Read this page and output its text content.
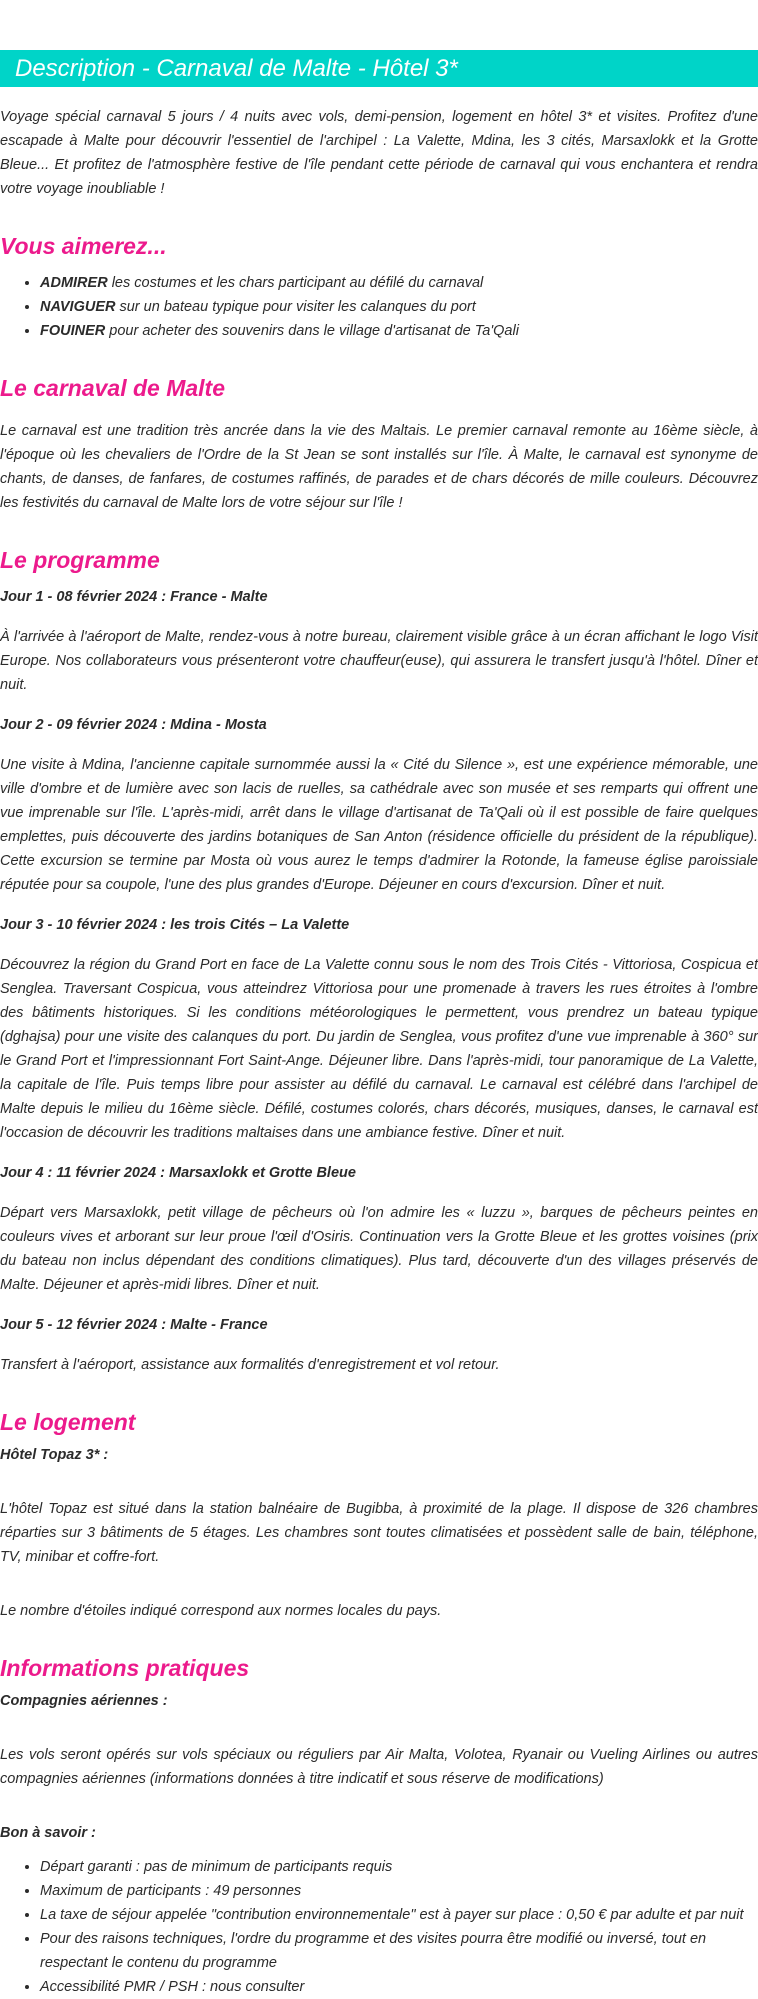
Description - Carnaval de Malte - Hôtel 3*

Voyage spécial carnaval 5 jours / 4 nuits avec vols, demi-pension, logement en hôtel 3* et visites. Profitez d'une escapade à Malte pour découvrir l'essentiel de l'archipel : La Valette, Mdina, les 3 cités, Marsaxlokk et la Grotte Bleue... Et profitez de l'atmosphère festive de l'île pendant cette période de carnaval qui vous enchantera et rendra votre voyage inoubliable !

Vous aimerez...
• ADMIRER les costumes et les chars participant au défilé du carnaval
• NAVIGUER sur un bateau typique pour visiter les calanques du port
• FOUINER pour acheter des souvenirs dans le village d'artisanat de Ta'Qali
Le carnaval de Malte

Le carnaval est une tradition très ancrée dans la vie des Maltais. Le premier carnaval remonte au 16ème siècle, à l'époque où les chevaliers de l'Ordre de la St Jean se sont installés sur l'île. À Malte, le carnaval est synonyme de chants, de danses, de fanfares, de costumes raffinés, de parades et de chars décorés de mille couleurs. Découvrez les festivités du carnaval de Malte lors de votre séjour sur l'île !

Le programme

Jour 1 - 08 février 2024 : France - Malte

À l'arrivée à l'aéroport de Malte, rendez-vous à notre bureau, clairement visible grâce à un écran affichant le logo Visit Europe. Nos collaborateurs vous présenteront votre chauffeur(euse), qui assurera le transfert jusqu'à l'hôtel. Dîner et nuit.

Jour 2 - 09 février 2024 : Mdina - Mosta

Une visite à Mdina, l'ancienne capitale surnommée aussi la « Cité du Silence », est une expérience mémorable, une ville d'ombre et de lumière avec son lacis de ruelles, sa cathédrale avec son musée et ses remparts qui offrent une vue imprenable sur l'île. L'après-midi, arrêt dans le village d'artisanat de Ta'Qali où il est possible de faire quelques emplettes, puis découverte des jardins botaniques de San Anton (résidence officielle du président de la république). Cette excursion se termine par Mosta où vous aurez le temps d'admirer la Rotonde, la fameuse église paroissiale réputée pour sa coupole, l'une des plus grandes d'Europe. Déjeuner en cours d'excursion. Dîner et nuit.

Jour 3 - 10 février 2024 : les trois Cités – La Valette

Découvrez la région du Grand Port en face de La Valette connu sous le nom des Trois Cités - Vittoriosa, Cospicua et Senglea. Traversant Cospicua, vous atteindrez Vittoriosa pour une promenade à travers les rues étroites à l'ombre des bâtiments historiques. Si les conditions météorologiques le permettent, vous prendrez un bateau typique (dghajsa) pour une visite des calanques du port. Du jardin de Senglea, vous profitez d'une vue imprenable à 360° sur le Grand Port et l'impressionnant Fort Saint-Ange. Déjeuner libre. Dans l'après-midi, tour panoramique de La Valette, la capitale de l'île. Puis temps libre pour assister au défilé du carnaval. Le carnaval est célébré dans l'archipel de Malte depuis le milieu du 16ème siècle. Défilé, costumes colorés, chars décorés, musiques, danses, le carnaval est l'occasion de découvrir les traditions maltaises dans une ambiance festive. Dîner et nuit.

Jour 4 : 11 février 2024 : Marsaxlokk et Grotte Bleue

Départ vers Marsaxlokk, petit village de pêcheurs où l'on admire les « luzzu », barques de pêcheurs peintes en couleurs vives et arborant sur leur proue l'œil d'Osiris. Continuation vers la Grotte Bleue et les grottes voisines (prix du bateau non inclus dépendant des conditions climatiques). Plus tard, découverte d'un des villages préservés de Malte. Déjeuner et après-midi libres. Dîner et nuit.

Jour 5 - 12 février 2024 : Malte - France

Transfert à l'aéroport, assistance aux formalités d'enregistrement et vol retour.

Le logement

Hôtel Topaz 3* :

L'hôtel Topaz est situé dans la station balnéaire de Bugibba, à proximité de la plage. Il dispose de 326 chambres réparties sur 3 bâtiments de 5 étages. Les chambres sont toutes climatisées et possèdent salle de bain, téléphone, TV, minibar et coffre-fort.

Le nombre d'étoiles indiqué correspond aux normes locales du pays.

Informations pratiques

Compagnies aériennes :

Les vols seront opérés sur vols spéciaux ou réguliers par Air Malta, Volotea, Ryanair ou Vueling Airlines ou autres compagnies aériennes (informations données à titre indicatif et sous réserve de modifications)

Bon à savoir :

• Départ garanti : pas de minimum de participants requis
• Maximum de participants : 49 personnes
• La taxe de séjour appelée "contribution environnementale" est à payer sur place : 0,50 € par adulte et par nuit
• Pour des raisons techniques, l'ordre du programme et des visites pourra être modifié ou inversé, tout en respectant le contenu du programme
• Accessibilité PMR / PSH : nous consulter
